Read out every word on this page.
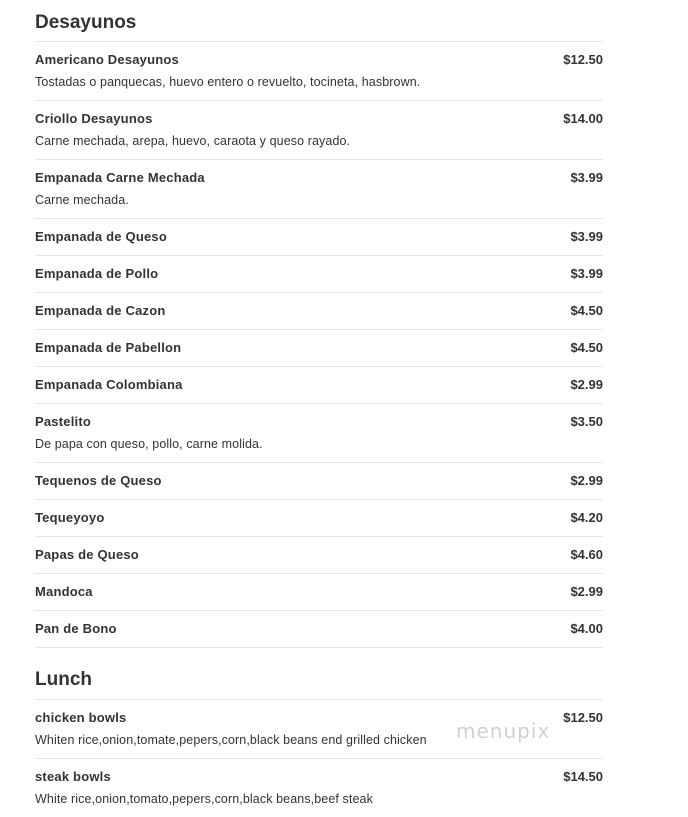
Desayunos
Americano Desayunos	$12.50
Tostadas o panquecas, huevo entero o revuelto, tocineta, hasbrown.
Criollo Desayunos	$14.00
Carne mechada, arepa, huevo, caraota y queso rayado.
Empanada Carne Mechada	$3.99
Carne mechada.
Empanada de Queso	$3.99
Empanada de Pollo	$3.99
Empanada de Cazon	$4.50
Empanada de Pabellon	$4.50
Empanada Colombiana	$2.99
Pastelito	$3.50
De papa con queso, pollo, carne molida.
Tequenos de Queso	$2.99
Tequeyoyo	$4.20
Papas de Queso	$4.60
Mandoca	$2.99
Pan de Bono	$4.00
Lunch
chicken bowls	$12.50
Whiten rice,onion,tomate,pepers,corn,black beans end grilled chicken
steak bowls	$14.50
White rice,onion,tomato,pepers,corn,black beans,beef steak
menupix
